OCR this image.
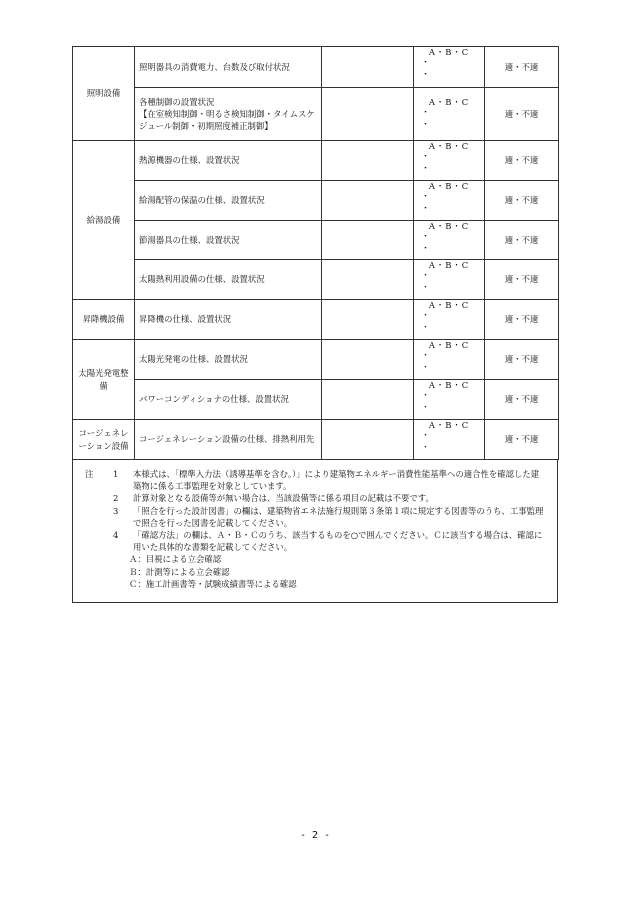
照明設備	照明器具の消費電力、台数及び取付状況		A・B・C
・
・	適・不適
	各種制御の設置状況
【在室検知制御・明るさ検知制御・タイムスケジュール制御・初期照度補正制御】		A・B・C
・
・	適・不適
給湯設備	熱源機器の仕様、設置状況		A・B・C
・
・	適・不適
	給湯配管の保温の仕様、設置状況		A・B・C
・
・	適・不適
	節湯器具の仕様、設置状況		A・B・C
・
・	適・不適
	太陽熱利用設備の仕様、設置状況		A・B・C
・
・	適・不適
昇降機設備	昇降機の仕様、設置状況		A・B・C
・
・	適・不適
太陽光発電整備	太陽光発電の仕様、設置状況		A・B・C
・
・	適・不適
	パワーコンディショナの仕様、設置状況		A・B・C
・
・	適・不適
コージェネレーション設備	コージェネレーション設備の仕様、排熱利用先		A・B・C
・
・	適・不適
注	1	本様式は、「標準入力法（誘導基準を含む。）」により建築物エネルギー消費性能基準への適合性を確認した建築物に係る工事監理を対象としています。
2	計算対象となる設備等が無い場合は、当該設備等に係る項目の記載は不要です。
3	「照合を行った設計図書」の欄は、建築物省エネ法施行規則第３条第１項に規定する図書等のうち、工事監理で照合を行った図書を記載してください。
4	「確認方法」の欄は、Ａ・Ｂ・Ｃのうち、該当するものを○で囲んでください。Ｃに該当する場合は、確認に用いた具体的な書類を記載してください。
Ａ：目視による立会確認
Ｂ：計測等による立会確認
Ｃ：施工計画書等・試験成績書等による確認
- 2 -
